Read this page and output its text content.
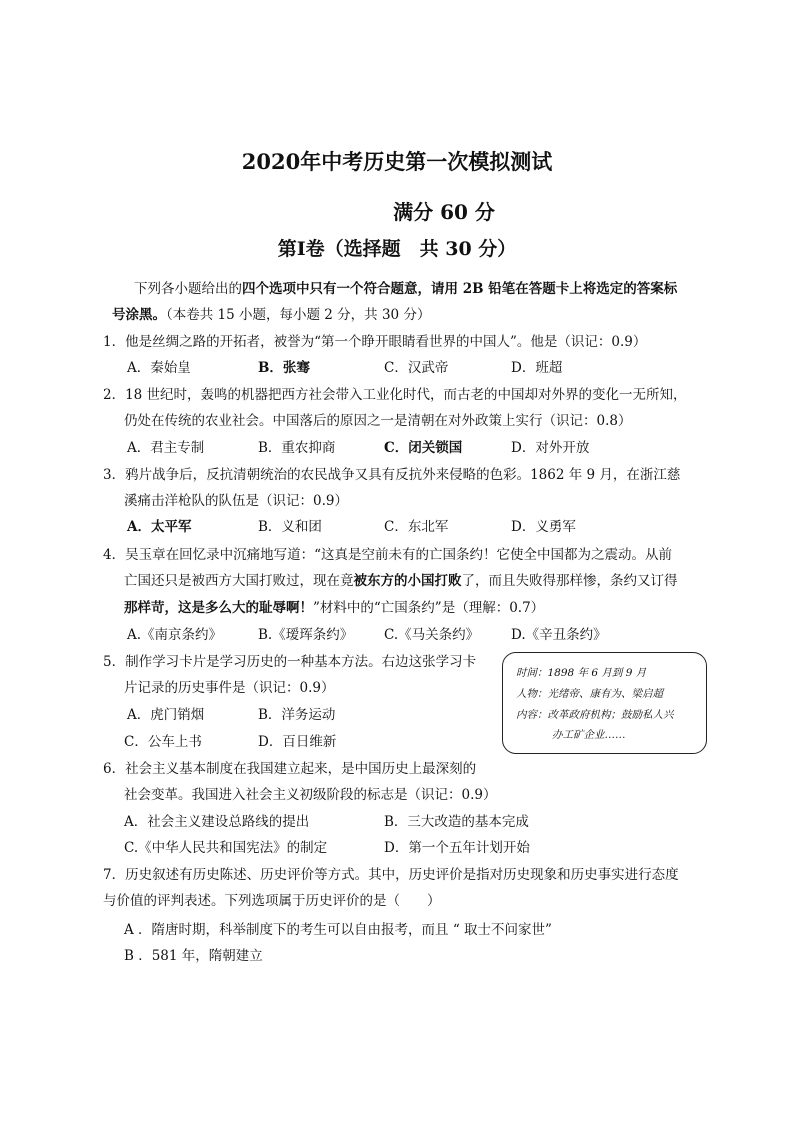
2020年中考历史第一次模拟测试
满分 60 分
第Ⅰ卷（选择题　共 30 分）
下列各小题给出的四个选项中只有一个符合题意，请用 2B 铅笔在答题卡上将选定的答案标
号涂黑。（本卷共 15 小题，每小题 2 分，共 30 分）
1．他是丝绸之路的开拓者，被誉为“第一个睁开眼睛看世界的中国人”。他是（识记：0.9）
A．秦始皇	B．张骞	C．汉武帝	D．班超
2．18 世纪时，轰鸣的机器把西方社会带入工业化时代，而古老的中国却对外界的变化一无所知，
仍处在传统的农业社会。中国落后的原因之一是清朝在对外政策上实行（识记：0.8）
A．君主专制	B．重农抑商	C．闭关锁国	D．对外开放
3．鸦片战争后，反抗清朝统治的农民战争又具有反抗外来侵略的色彩。1862 年 9 月，在浙江慈
溪痛击洋枪队的队伍是（识记：0.9）
A．太平军	B．义和团	C．东北军	D．义勇军
4．吴玉章在回忆录中沉痛地写道：“这真是空前未有的亡国条约！它使全中国都为之震动。从前
亡国还只是被西方大国打败过，现在竟被东方的小国打败了，而且失败得那样惨，条约又订得
那样苛，这是多么大的耻辱啊！”材料中的“亡国条约”是（理解：0.7）
A.《南京条约》	B.《瑷珲条约》 C.《马关条约》 D.《辛丑条约》
5．制作学习卡片是学习历史的一种基本方法。右边这张学习卡
片记录的历史事件是（识记：0.9）
A．虎门销烟	B．洋务运动
C．公车上书	D．百日维新
时间：1898 年 6 月到 9 月
人物：光绪帝、康有为、梁启超
内容：改革政府机构；鼓励私人兴
办工矿企业……
6．社会主义基本制度在我国建立起来，是中国历史上最深刻的
社会变革。我国进入社会主义初级阶段的标志是（识记：0.9）
A．社会主义建设总路线的提出	B．三大改造的基本完成
C.《中华人民共和国宪法》的制定	D．第一个五年计划开始
7．历史叙述有历史陈述、历史评价等方式。其中，历史评价是指对历史现象和历史事实进行态度
与价值的评判表述。下列选项属于历史评价的是（　　）
A ．隋唐时期，科举制度下的考生可以自由报考，而且 “ 取士不问家世”
B ．581 年，隋朝建立
